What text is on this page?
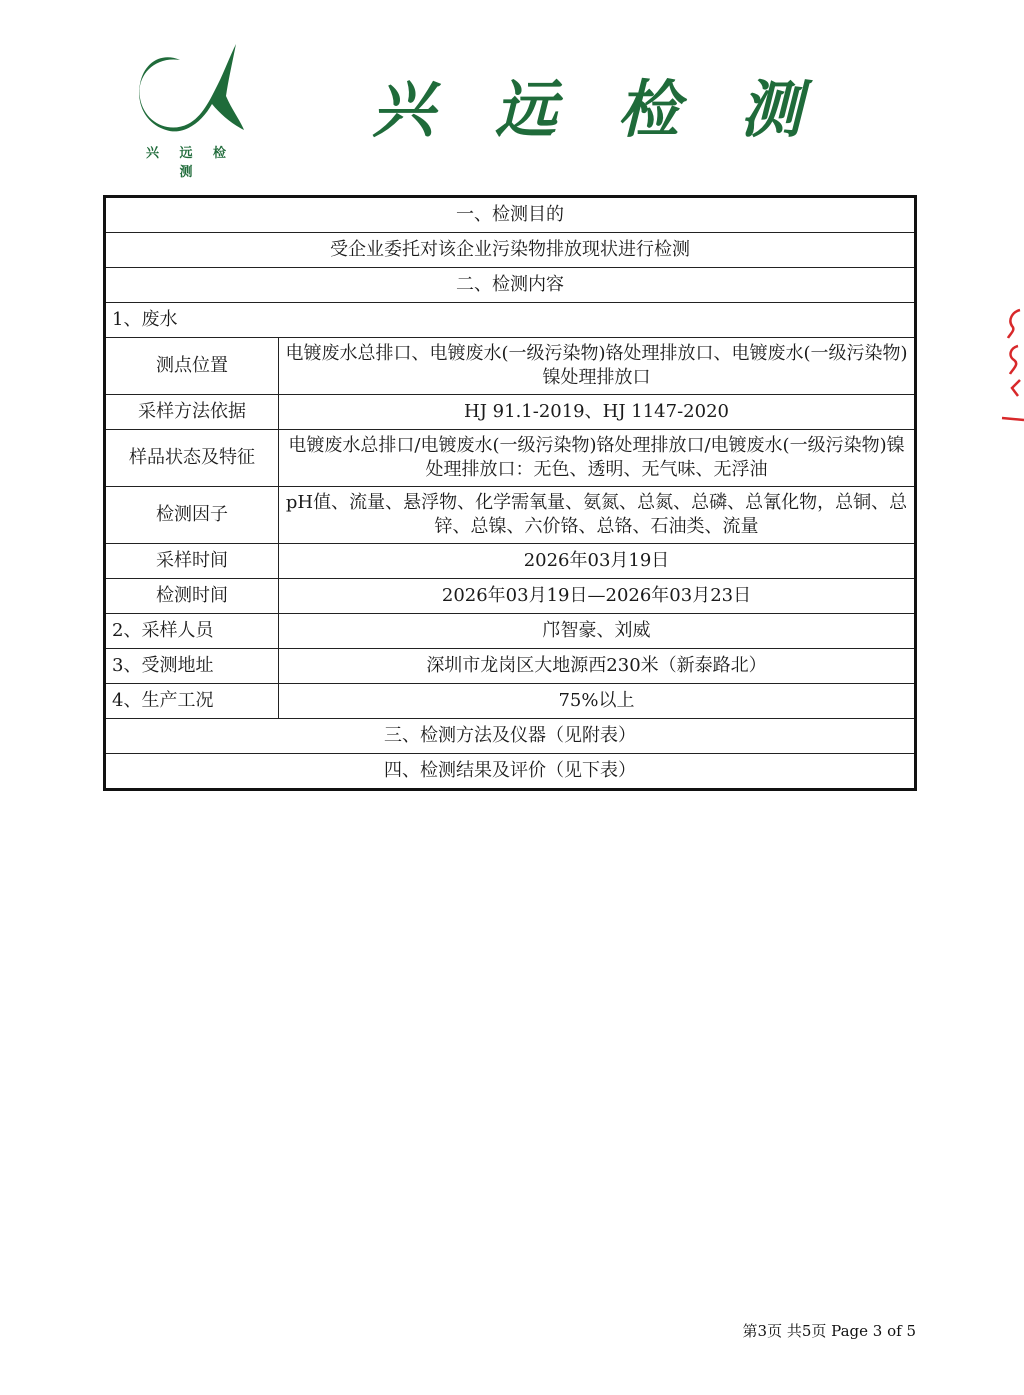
兴 远 检 测
兴 远 检 测
一、检测目的	
受企业委托对该企业污染物排放现状进行检测	
二、检测内容	
1、废水	
测点位置	电镀废水总排口、电镀废水(一级污染物)铬处理排放口、电镀废水(一级污染物)镍处理排放口
采样方法依据	HJ 91.1-2019、HJ 1147-2020
样品状态及特征	电镀废水总排口/电镀废水(一级污染物)铬处理排放口/电镀废水(一级污染物)镍处理排放口：无色、透明、无气味、无浮油
检测因子	pH值、流量、悬浮物、化学需氧量、氨氮、总氮、总磷、总氰化物，总铜、总锌、总镍、六价铬、总铬、石油类、流量
采样时间	2026年03月19日
检测时间	2026年03月19日—2026年03月23日
2、采样人员	邝智豪、刘威
3、受测地址	深圳市龙岗区大地源西230米（新泰路北）
4、生产工况	75%以上
三、检测方法及仪器（见附表）	
四、检测结果及评价（见下表）	
第3页 共5页 Page 3 of 5
